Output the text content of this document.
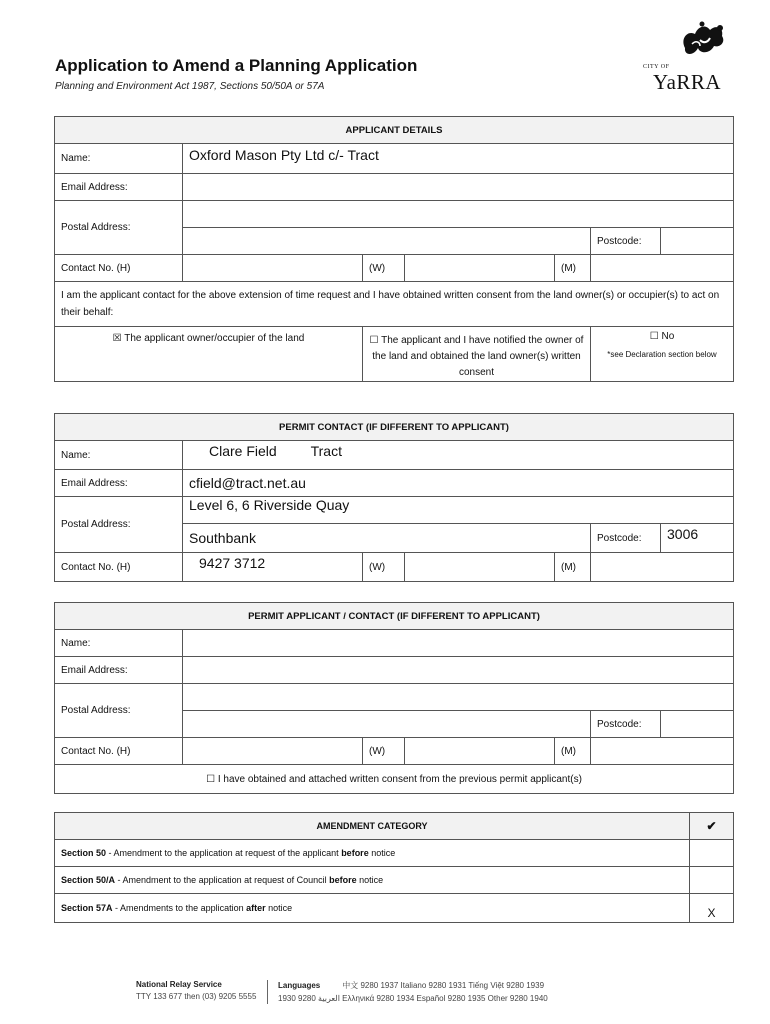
Application to Amend a Planning Application
Planning and Environment Act 1987, Sections 50/50A or 57A
CITY OF
YaRRA
APPLICANT DETAILS						
Name:	Oxford Mason Pty Ltd c/- Tract					
Email Address:						
Postal Address:						
					Postcode:	
Contact No. (H)		(W)		(M)		
I am the applicant contact for the above extension of time request and I have obtained written consent from the land owner(s) or occupier(s) to act on their behalf:						
☒ The applicant owner/occupier of the land		☐ The applicant and I have notified the owner of the land and obtained the land owner(s) written consent			☐ No
*see Declaration section below	
PERMIT CONTACT (IF DIFFERENT TO APPLICANT)						
Name:	Clare Field Tract					
Email Address:	cfield@tract.net.au					
Postal Address:	Level 6, 6 Riverside Quay					
	Southbank				Postcode:	3006
Contact No. (H)	9427 3712	(W)		(M)		
PERMIT APPLICANT / CONTACT (IF DIFFERENT TO APPLICANT)						
Name:						
Email Address:						
Postal Address:						
					Postcode:	
Contact No. (H)		(W)		(M)		
☐ I have obtained and attached written consent from the previous permit applicant(s)						
AMENDMENT CATEGORY	✔
Section 50 - Amendment to the application at request of the applicant before notice	
Section 50/A - Amendment to the application at request of Council before notice	
Section 57A - Amendments to the application after notice	X
National Relay Service
TTY 133 677 then (03) 9205 5555
Languages	中文 9280 1937 Italiano 9280 1931 Tiếng Việt 9280 1939
العربية 9280 1930 Ελληνικά 9280 1934 Español 9280 1935 Other 9280 1940
